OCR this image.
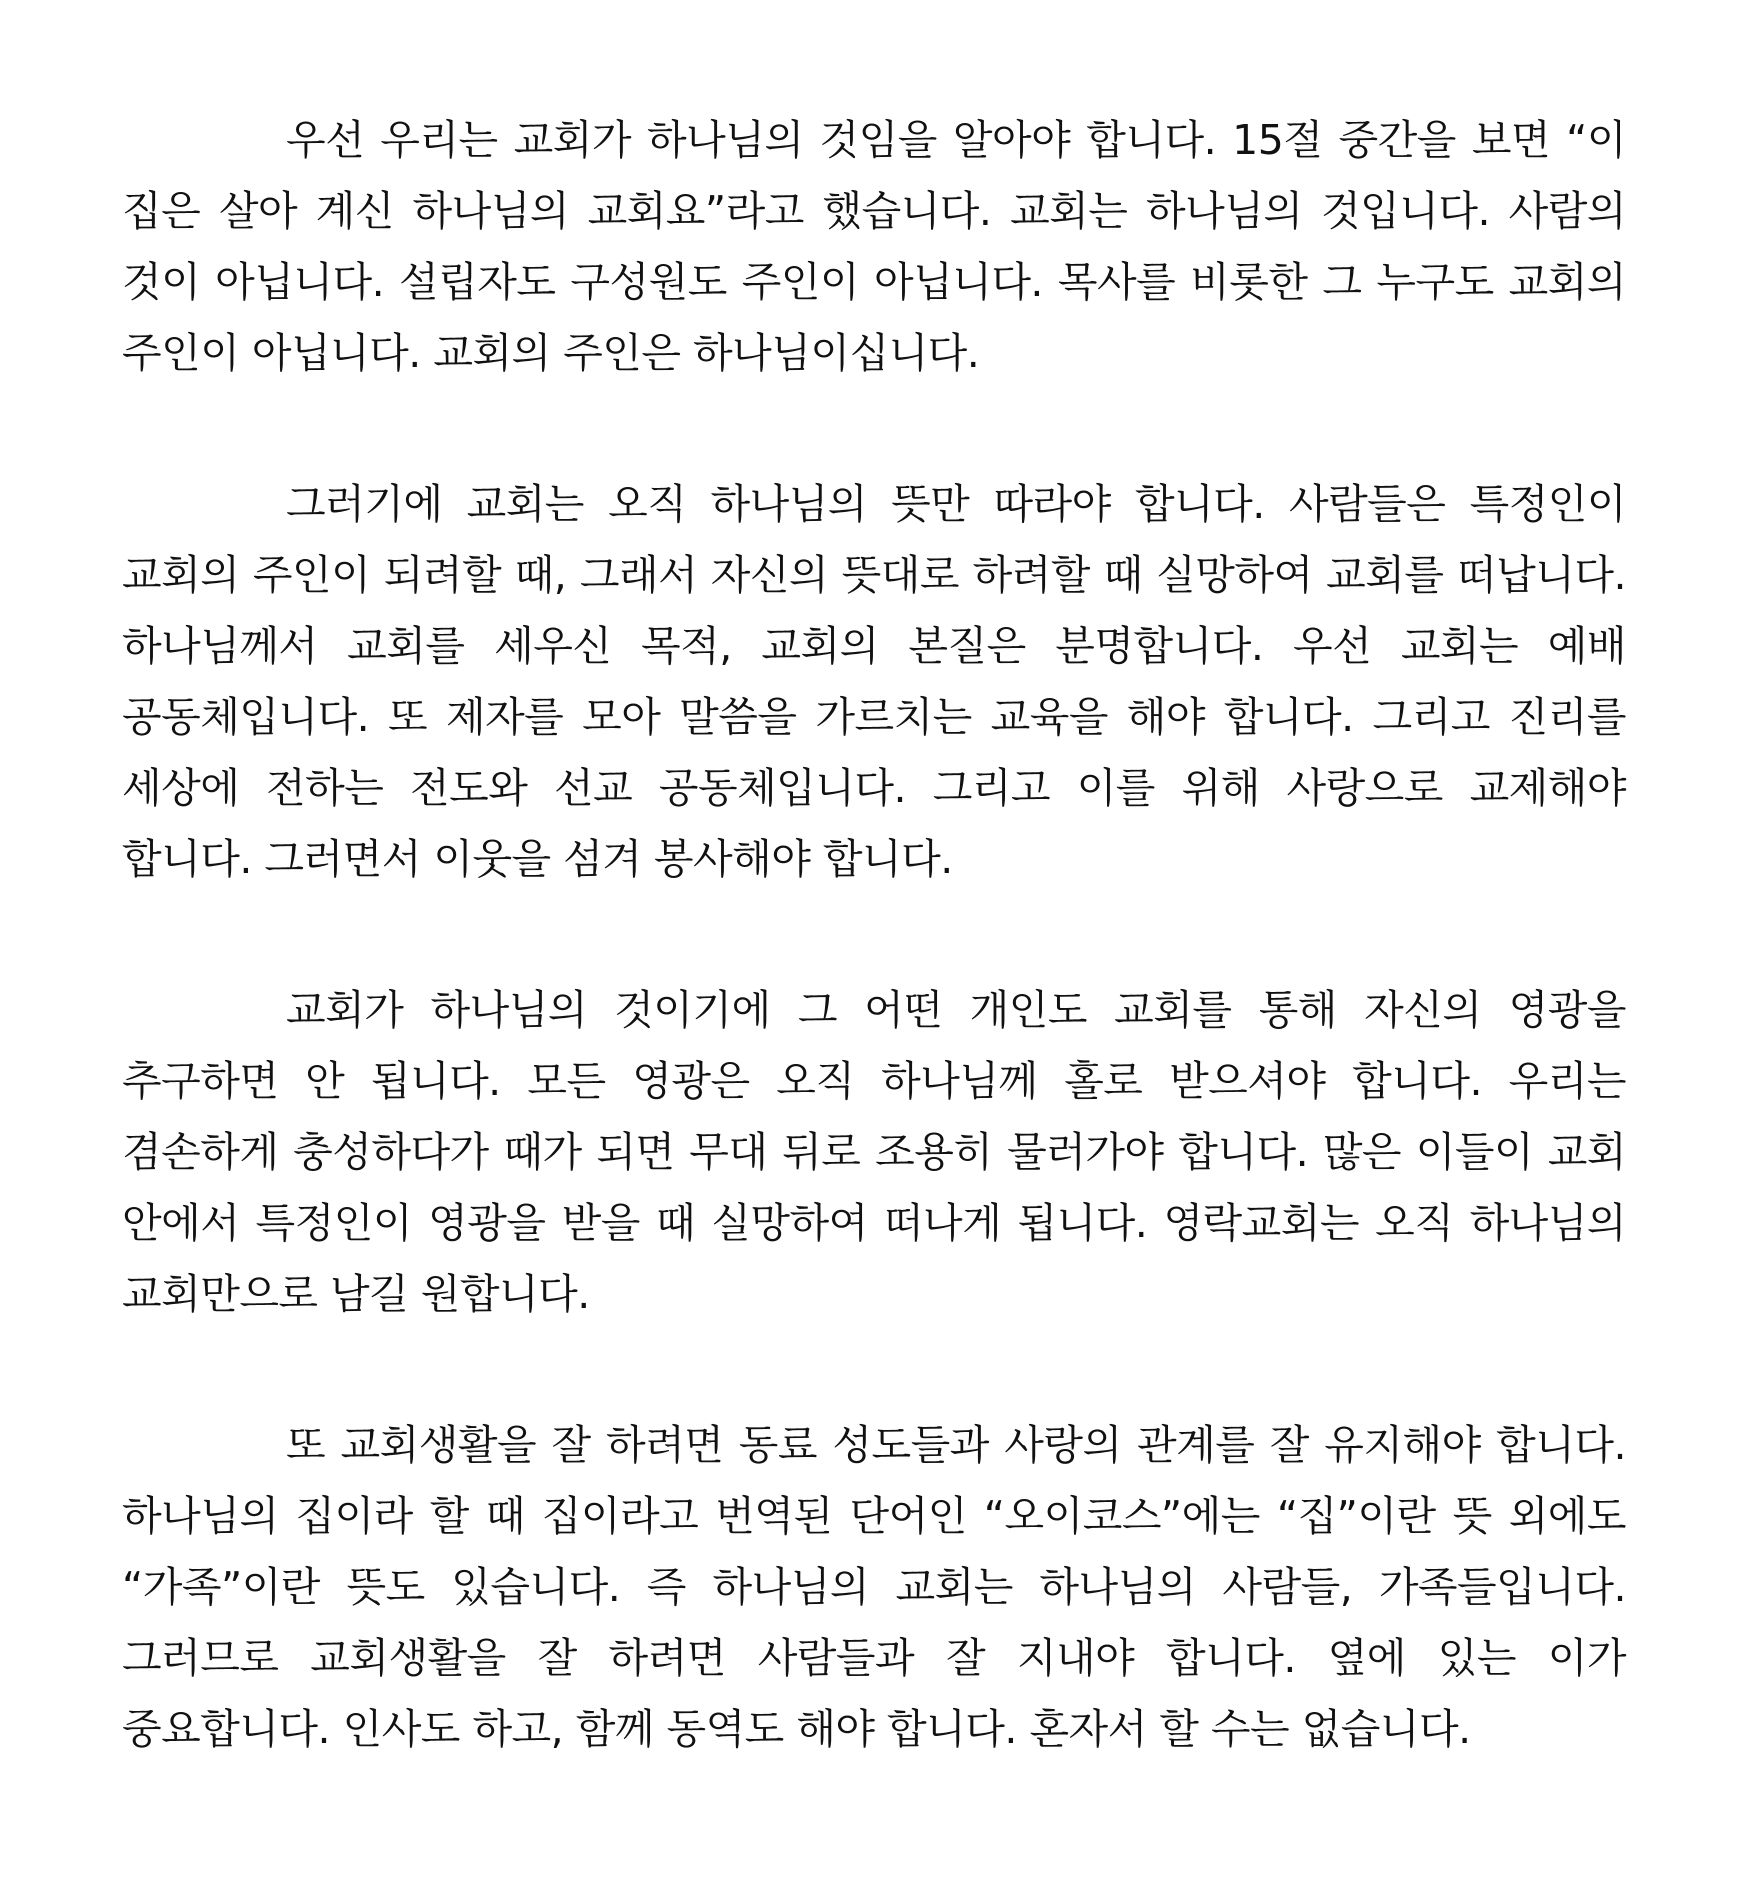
우선 우리는 교회가 하나님의 것임을 알아야 합니다. 15절 중간을 보면 “이 집은 살아 계신 하나님의 교회요”라고 했습니다. 교회는 하나님의 것입니다. 사람의 것이 아닙니다. 설립자도 구성원도 주인이 아닙니다. 목사를 비롯한 그 누구도 교회의 주인이 아닙니다. 교회의 주인은 하나님이십니다.

그러기에 교회는 오직 하나님의 뜻만 따라야 합니다. 사람들은 특정인이 교회의 주인이 되려할 때, 그래서 자신의 뜻대로 하려할 때 실망하여 교회를 떠납니다. 하나님께서 교회를 세우신 목적, 교회의 본질은 분명합니다. 우선 교회는 예배 공동체입니다. 또 제자를 모아 말씀을 가르치는 교육을 해야 합니다. 그리고 진리를 세상에 전하는 전도와 선교 공동체입니다. 그리고 이를 위해 사랑으로 교제해야 합니다. 그러면서 이웃을 섬겨 봉사해야 합니다.

교회가 하나님의 것이기에 그 어떤 개인도 교회를 통해 자신의 영광을 추구하면 안 됩니다. 모든 영광은 오직 하나님께 홀로 받으셔야 합니다. 우리는 겸손하게 충성하다가 때가 되면 무대 뒤로 조용히 물러가야 합니다. 많은 이들이 교회 안에서 특정인이 영광을 받을 때 실망하여 떠나게 됩니다. 영락교회는 오직 하나님의 교회만으로 남길 원합니다.

또 교회생활을 잘 하려면 동료 성도들과 사랑의 관계를 잘 유지해야 합니다. 하나님의 집이라 할 때 집이라고 번역된 단어인 “오이코스”에는 “집”이란 뜻 외에도 “가족”이란 뜻도 있습니다. 즉 하나님의 교회는 하나님의 사람들, 가족들입니다. 그러므로 교회생활을 잘 하려면 사람들과 잘 지내야 합니다. 옆에 있는 이가 중요합니다. 인사도 하고, 함께 동역도 해야 합니다. 혼자서 할 수는 없습니다.
